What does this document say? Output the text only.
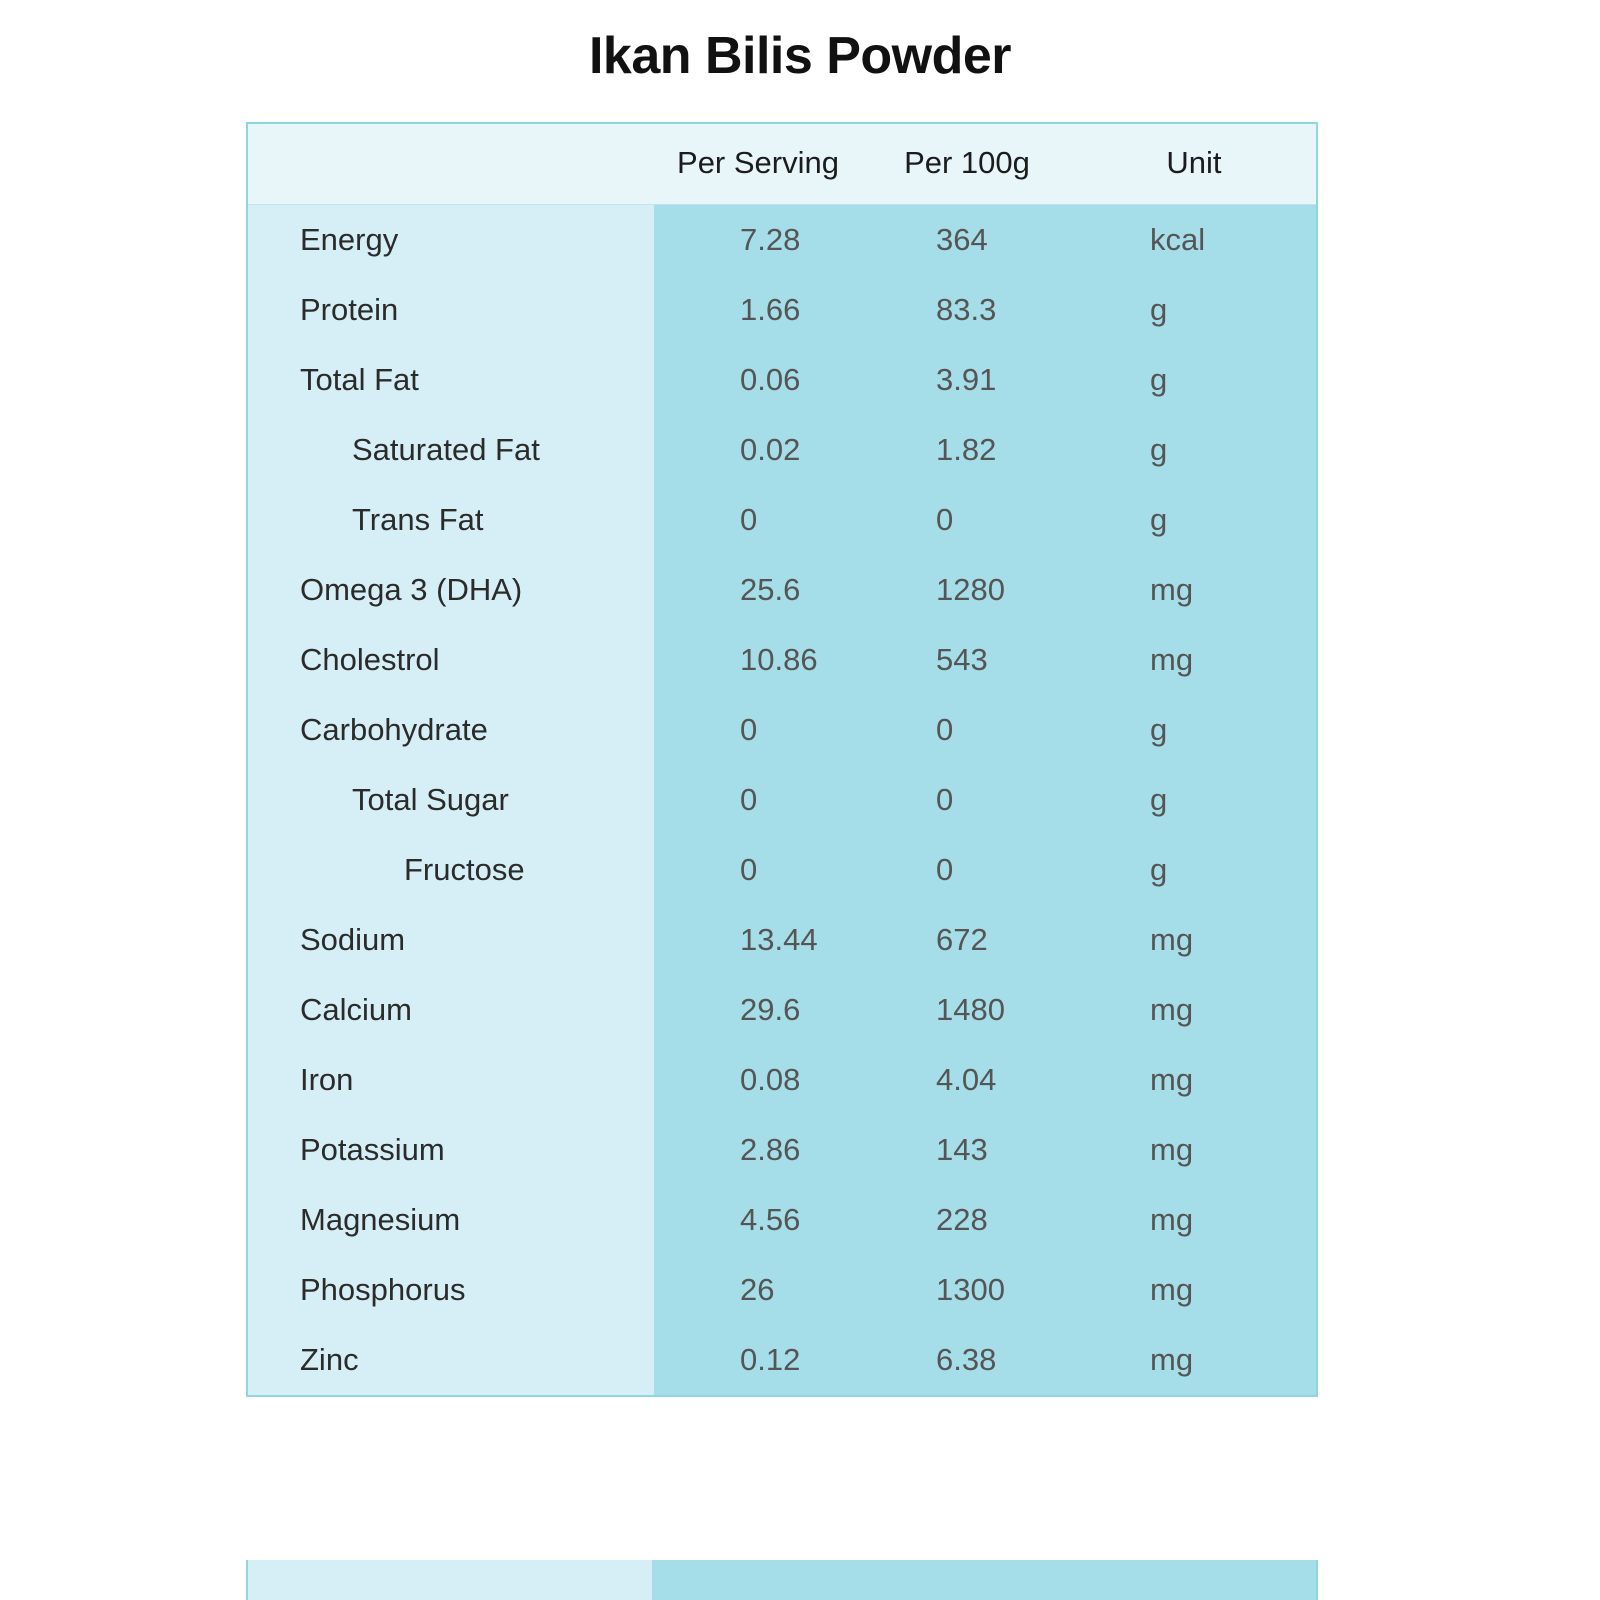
Ikan Bilis Powder
	Per Serving	Per 100g	Unit
Energy	7.28	364	kcal
Protein	1.66	83.3	g
Total Fat	0.06	3.91	g
Saturated Fat	0.02	1.82	g
Trans Fat	0	0	g
Omega 3 (DHA)	25.6	1280	mg
Cholestrol	10.86	543	mg
Carbohydrate	0	0	g
Total Sugar	0	0	g
Fructose	0	0	g
Sodium	13.44	672	mg
Calcium	29.6	1480	mg
Iron	0.08	4.04	mg
Potassium	2.86	143	mg
Magnesium	4.56	228	mg
Phosphorus	26	1300	mg
Zinc	0.12	6.38	mg
